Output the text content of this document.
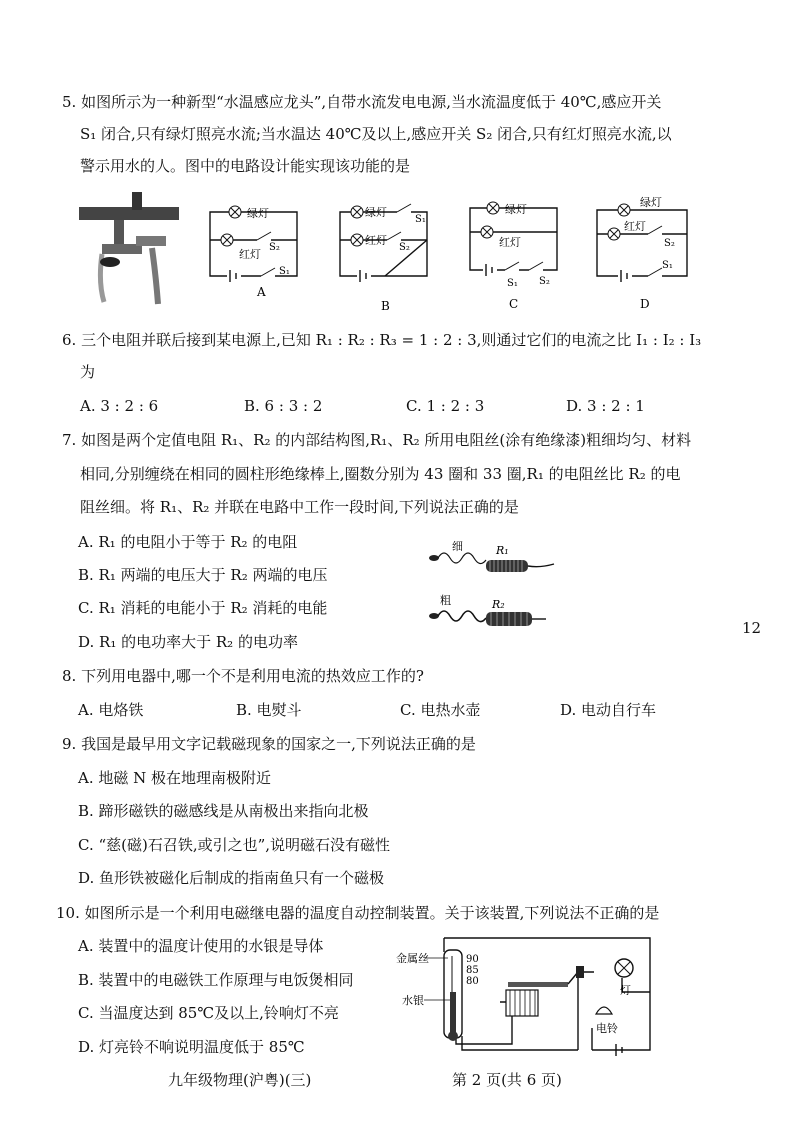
5. 如图所示为一种新型“水温感应龙头”,自带水流发电电源,当水流温度低于 40℃,感应开关
S₁ 闭合,只有绿灯照亮水流;当水温达 40℃及以上,感应开关 S₂ 闭合,只有红灯照亮水流,以
警示用水的人。图中的电路设计能实现该功能的是
绿灯
红灯
S₂
S₁
A
绿灯
S₁
红灯
S₂
B
绿灯
红灯
S₁ S₂
C
绿灯
红灯
S₂
S₁
D
6. 三个电阻并联后接到某电源上,已知 R₁ : R₂ : R₃ = 1 : 2 : 3,则通过它们的电流之比 I₁ : I₂ : I₃
为
A. 3 : 2 : 6	B. 6 : 3 : 2	C. 1 : 2 : 3	D. 3 : 2 : 1
7. 如图是两个定值电阻 R₁、R₂ 的内部结构图,R₁、R₂ 所用电阻丝(涂有绝缘漆)粗细均匀、材料
相同,分别缠绕在相同的圆柱形绝缘棒上,圈数分别为 43 圈和 33 圈,R₁ 的电阻丝比 R₂ 的电
阻丝细。将 R₁、R₂ 并联在电路中工作一段时间,下列说法正确的是
A. R₁ 的电阻小于等于 R₂ 的电阻
B. R₁ 两端的电压大于 R₂ 两端的电压
C. R₁ 消耗的电能小于 R₂ 消耗的电能
D. R₁ 的电功率大于 R₂ 的电功率
细	R₁
粗	R₂
12
8. 下列用电器中,哪一个不是利用电流的热效应工作的?
A. 电烙铁	B. 电熨斗	C. 电热水壶	D. 电动自行车
9. 我国是最早用文字记载磁现象的国家之一,下列说法正确的是
A. 地磁 N 极在地理南极附近
B. 蹄形磁铁的磁感线是从南极出来指向北极
C. “慈(磁)石召铁,或引之也”,说明磁石没有磁性
D. 鱼形铁被磁化后制成的指南鱼只有一个磁极
10. 如图所示是一个利用电磁继电器的温度自动控制装置。关于该装置,下列说法不正确的是
A. 装置中的温度计使用的水银是导体
B. 装置中的电磁铁工作原理与电饭煲相同
C. 当温度达到 85℃及以上,铃响灯不亮
D. 灯亮铃不响说明温度低于 85℃
90
85
80
金属丝
水银
灯
电铃
九年级物理(沪粤)(三)	第 2 页(共 6 页)
